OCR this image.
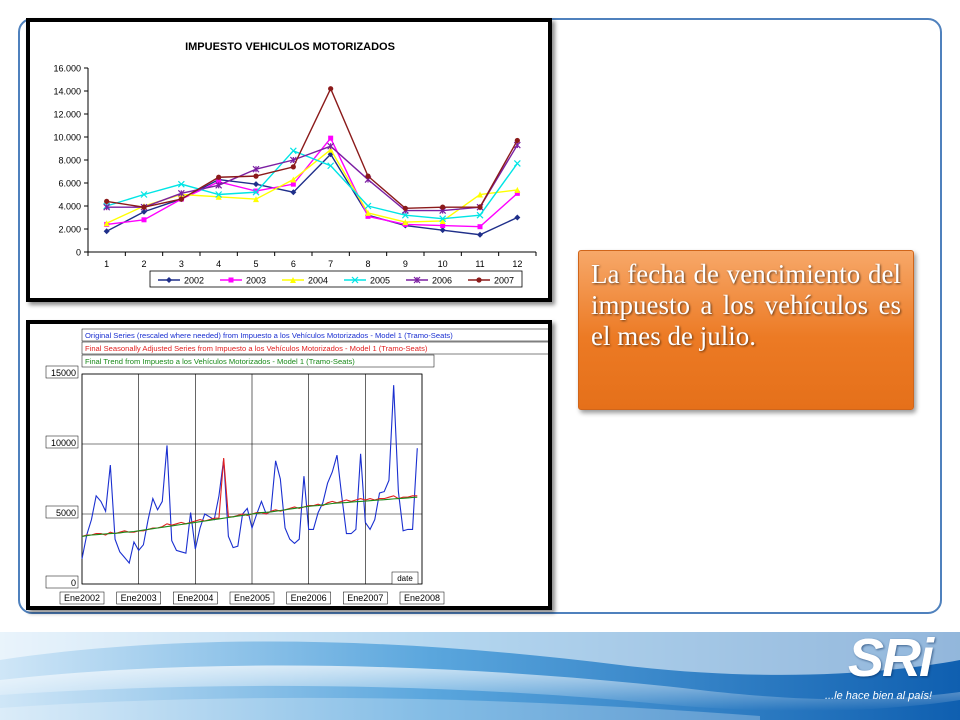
IMPUESTO VEHICULOS MOTORIZADOS
0
2.000
4.000
6.000
8.000
10.000
12.000
14.000
16.000
1	2	3	4	5	6	7	8	9	10	11	12
2002	2003	2004	2005	2006	2007
0
5000
10000
15000
Ene2002 Ene2003 Ene2004 Ene2005 Ene2006 Ene2007 Ene2008
date
Original Series (rescaled where needed) from Impuesto a los Vehículos Motorizados - Model 1 (Tramo-Seats)
Final Seasonally Adjusted Series from Impuesto a los Vehículos Motorizados - Model 1 (Tramo-Seats)
Final Trend from Impuesto a los Vehículos Motorizados - Model 1 (Tramo-Seats)

La fecha de vencimiento del impuesto a los vehículos es el mes de julio.

SRi
...le hace bien al país!
